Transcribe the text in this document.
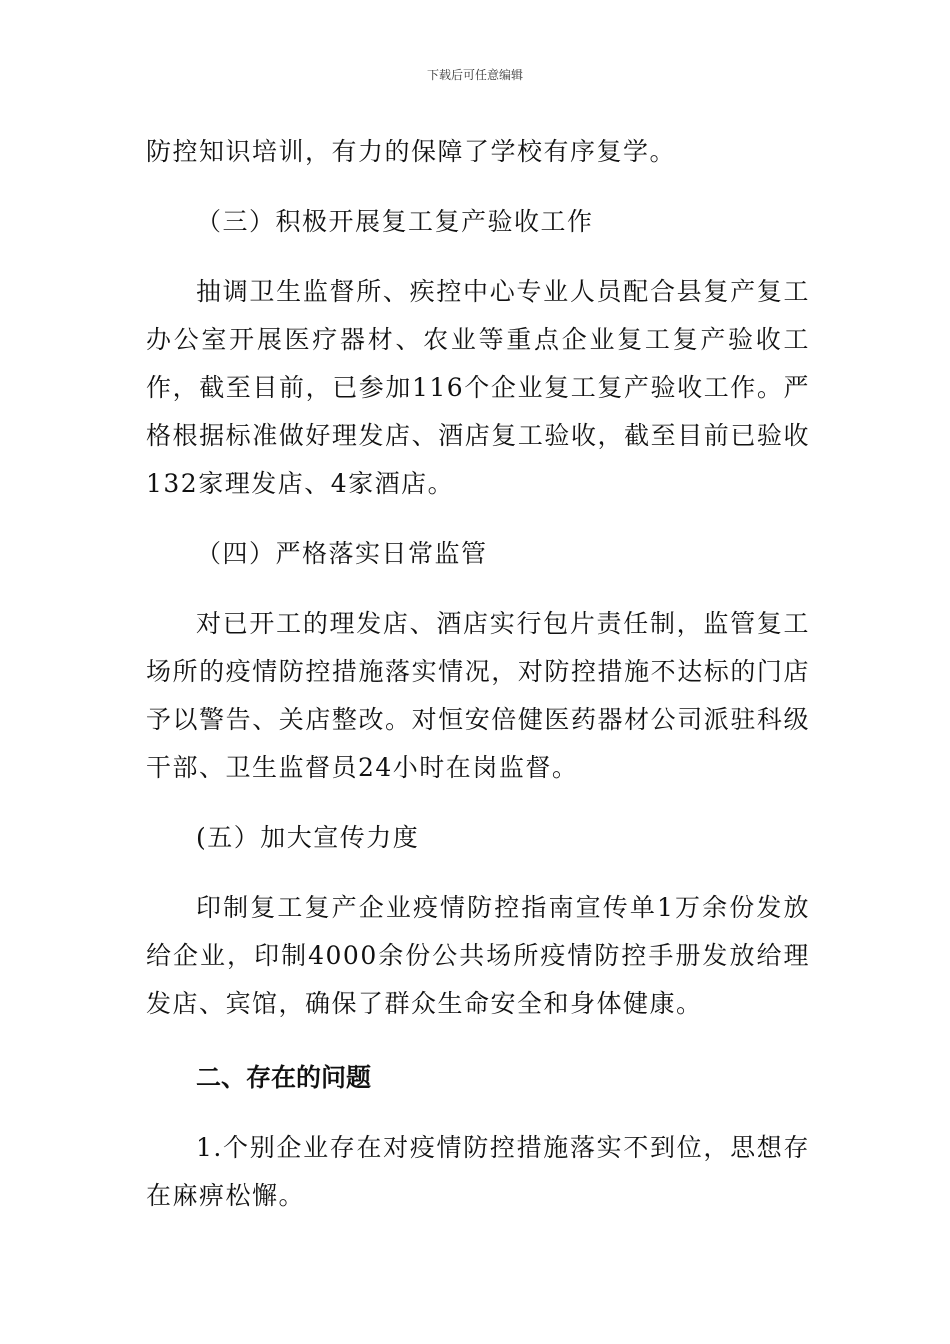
下载后可任意编辑

防控知识培训，有力的保障了学校有序复学。

（三）积极开展复工复产验收工作

抽调卫生监督所、疾控中心专业人员配合县复产复工办公室开展医疗器材、农业等重点企业复工复产验收工作，截至目前，已参加116个企业复工复产验收工作。严格根据标准做好理发店、酒店复工验收，截至目前已验收132家理发店、4家酒店。

（四）严格落实日常监管

对已开工的理发店、酒店实行包片责任制，监管复工场所的疫情防控措施落实情况，对防控措施不达标的门店予以警告、关店整改。对恒安倍健医药器材公司派驻科级干部、卫生监督员24小时在岗监督。

(五）加大宣传力度

印制复工复产企业疫情防控指南宣传单1万余份发放给企业，印制4000余份公共场所疫情防控手册发放给理发店、宾馆，确保了群众生命安全和身体健康。

二、存在的问题

1.个别企业存在对疫情防控措施落实不到位，思想存在麻痹松懈。
